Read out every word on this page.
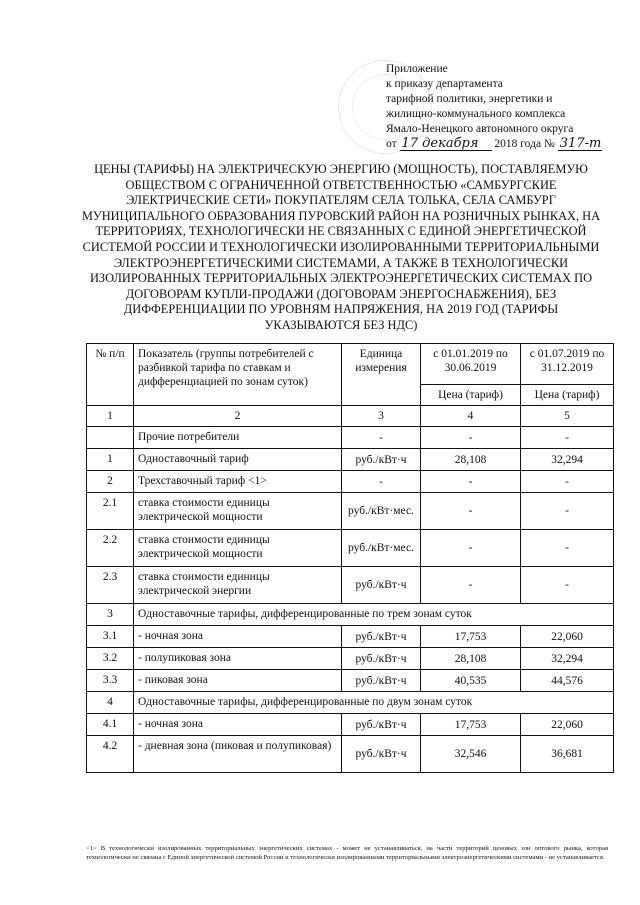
Приложение
к приказу департамента
тарифной политики, энергетики и
жилищно-коммунального комплекса
Ямало-Ненецкого автономного округа
от 17 декабря 2018 года № 317-т
ЦЕНЫ (ТАРИФЫ) НА ЭЛЕКТРИЧЕСКУЮ ЭНЕРГИЮ (МОЩНОСТЬ), ПОСТАВЛЯЕМУЮ ОБЩЕСТВОМ С ОГРАНИЧЕННОЙ ОТВЕТСТВЕННОСТЬЮ «САМБУРГСКИЕ ЭЛЕКТРИЧЕСКИЕ СЕТИ» ПОКУПАТЕЛЯМ СЕЛА ТОЛЬКА, СЕЛА САМБУРГ МУНИЦИПАЛЬНОГО ОБРАЗОВАНИЯ ПУРОВСКИЙ РАЙОН НА РОЗНИЧНЫХ РЫНКАХ, НА ТЕРРИТОРИЯХ, ТЕХНОЛОГИЧЕСКИ НЕ СВЯЗАННЫХ С ЕДИНОЙ ЭНЕРГЕТИЧЕСКОЙ СИСТЕМОЙ РОССИИ И ТЕХНОЛОГИЧЕСКИ ИЗОЛИРОВАННЫМИ ТЕРРИТОРИАЛЬНЫМИ ЭЛЕКТРОЭНЕРГЕТИЧЕСКИМИ СИСТЕМАМИ, А ТАКЖЕ В ТЕХНОЛОГИЧЕСКИ ИЗОЛИРОВАННЫХ ТЕРРИТОРИАЛЬНЫХ ЭЛЕКТРОЭНЕРГЕТИЧЕСКИХ СИСТЕМАХ ПО ДОГОВОРАМ КУПЛИ-ПРОДАЖИ (ДОГОВОРАМ ЭНЕРГОСНАБЖЕНИЯ), БЕЗ ДИФФЕРЕНЦИАЦИИ ПО УРОВНЯМ НАПРЯЖЕНИЯ, НА 2019 ГОД (ТАРИФЫ УКАЗЫВАЮТСЯ БЕЗ НДС)
№ п/п	Показатель (группы потребителей с разбивкой тарифа по ставкам и дифференциацией по зонам суток)	Единица измерения	с 01.01.2019 по 30.06.2019	с 01.07.2019 по 31.12.2019
			Цена (тариф)	Цена (тариф)
1	2	3	4	5
	Прочие потребители	-	-	-
1	Одноставочный тариф	руб./кВт·ч	28,108	32,294
2	Трехставочный тариф <1>	-	-	-
2.1	ставка стоимости единицы электрической мощности	руб./кВт·мес.	-	-
2.2	ставка стоимости единицы электрической мощности	руб./кВт·мес.	-	-
2.3	ставка стоимости единицы электрической энергии	руб./кВт·ч	-	-
3	Одноставочные тарифы, дифференцированные по трем зонам суток			
3.1	- ночная зона	руб./кВт·ч	17,753	22,060
3.2	- полупиковая зона	руб./кВт·ч	28,108	32,294
3.3	- пиковая зона	руб./кВт·ч	40,535	44,576
4	Одноставочные тарифы, дифференцированные по двум зонам суток			
4.1	- ночная зона	руб./кВт·ч	17,753	22,060
4.2	- дневная зона (пиковая и полупиковая)	руб./кВт·ч	32,546	36,681
<1> В технологически изолированных территориальных энергетических системах - может не устанавливаться, на части территорий ценовых зон оптового рынка, которая технологически не связана с Единой энергетической системой России и технологически изолированными территориальными электроэнергетическими системами - не устанавливается.
